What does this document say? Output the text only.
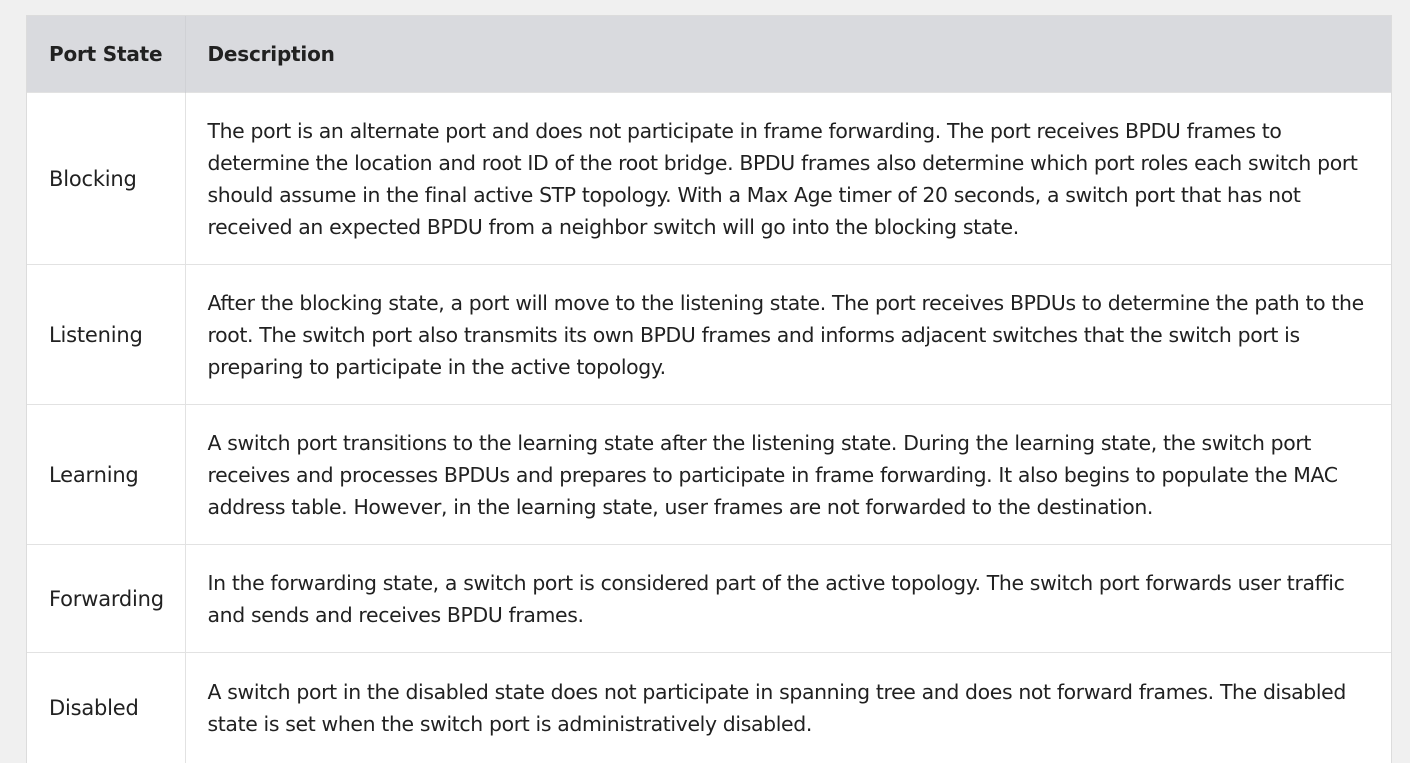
Port State	Description
Blocking	The port is an alternate port and does not participate in frame forwarding. The port receives BPDU frames to determine the location and root ID of the root bridge. BPDU frames also determine which port roles each switch port should assume in the final active STP topology. With a Max Age timer of 20 seconds, a switch port that has not received an expected BPDU from a neighbor switch will go into the blocking state.
Listening	After the blocking state, a port will move to the listening state. The port receives BPDUs to determine the path to the root. The switch port also transmits its own BPDU frames and informs adjacent switches that the switch port is preparing to participate in the active topology.
Learning	A switch port transitions to the learning state after the listening state. During the learning state, the switch port receives and processes BPDUs and prepares to participate in frame forwarding. It also begins to populate the MAC address table. However, in the learning state, user frames are not forwarded to the destination.
Forwarding	In the forwarding state, a switch port is considered part of the active topology. The switch port forwards user traffic and sends and receives BPDU frames.
Disabled	A switch port in the disabled state does not participate in spanning tree and does not forward frames. The disabled state is set when the switch port is administratively disabled.
